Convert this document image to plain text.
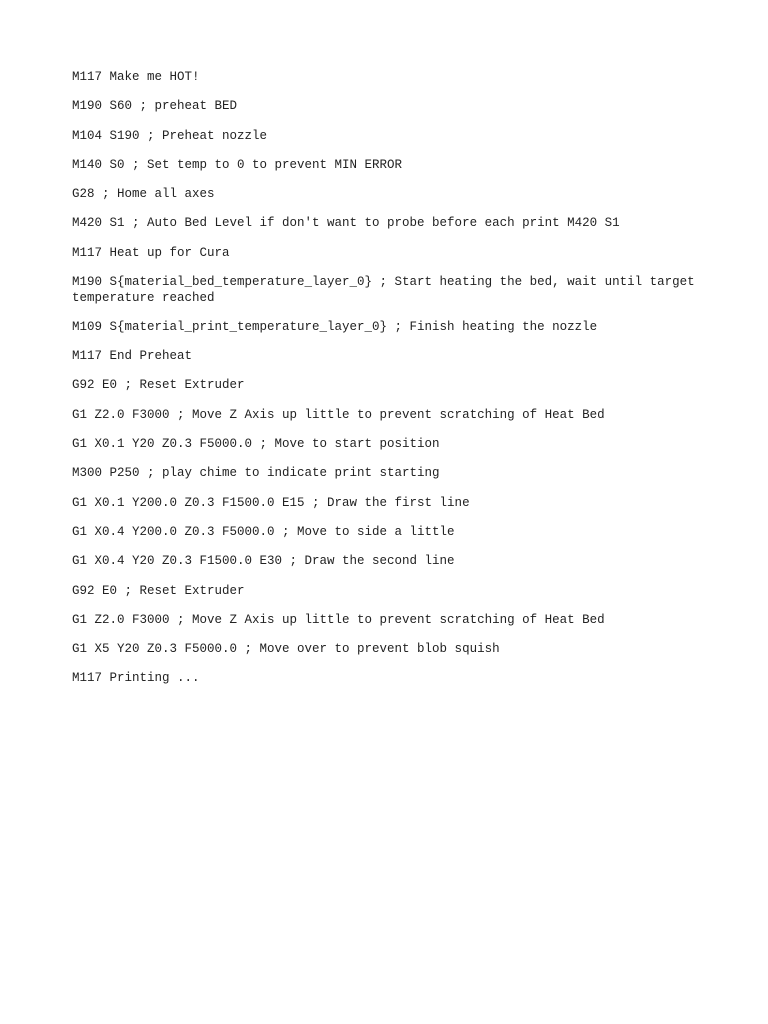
M117 Make me HOT!
M190 S60 ; preheat BED
M104 S190 ; Preheat nozzle
M140 S0 ; Set temp to 0 to prevent MIN ERROR
G28 ; Home all axes
M420 S1 ; Auto Bed Level if don't want to probe before each print M420 S1
M117 Heat up for Cura
M190 S{material_bed_temperature_layer_0} ; Start heating the bed, wait until target temperature reached
M109 S{material_print_temperature_layer_0} ; Finish heating the nozzle
M117 End Preheat
G92 E0 ; Reset Extruder
G1 Z2.0 F3000 ; Move Z Axis up little to prevent scratching of Heat Bed
G1 X0.1 Y20 Z0.3 F5000.0 ; Move to start position
M300 P250 ; play chime to indicate print starting
G1 X0.1 Y200.0 Z0.3 F1500.0 E15 ; Draw the first line
G1 X0.4 Y200.0 Z0.3 F5000.0 ; Move to side a little
G1 X0.4 Y20 Z0.3 F1500.0 E30 ; Draw the second line
G92 E0 ; Reset Extruder
G1 Z2.0 F3000 ; Move Z Axis up little to prevent scratching of Heat Bed
G1 X5 Y20 Z0.3 F5000.0 ; Move over to prevent blob squish
M117 Printing ...
